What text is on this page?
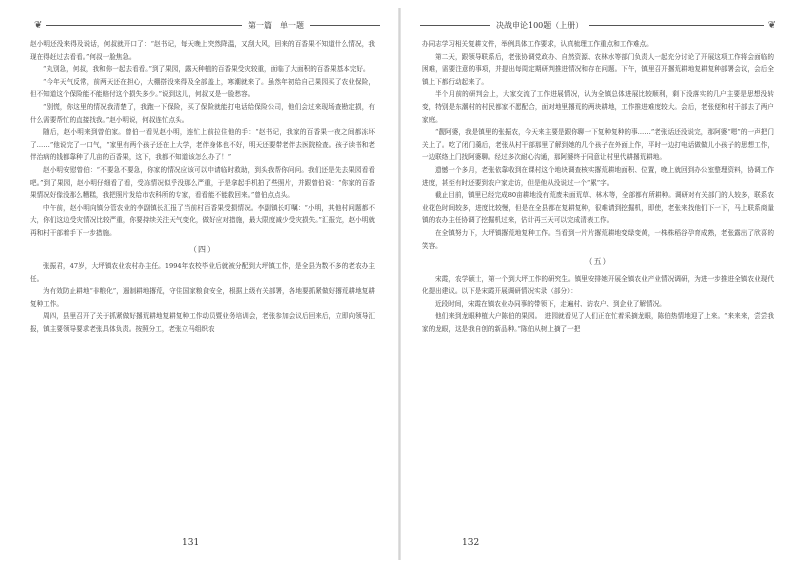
❦	第一篇　单一题

赵小明还没来得及说话，何叔就开口了：“赵书记，每天晚上突然降温，又刮大风，回来的百香果不知道什么情况，我现在得赶过去看看。”何叔一脸焦急。

“丸别急，何叔，我和你一起去看看。”到了果园，露天种植的百香果受灾较重，面临了大面积的百香果基本完好。

“今年天气反常，前两天还在担心，大棚搭没来得及全部盖上，寒潮就来了。虽然年初给自己果园买了农业保险，但不知道这个保险能不能赔付这个损失多少。”说到这儿，何叔又是一脸愁容。

“别慌，你这里的情况我清楚了，我跑一下保险，买了保险就能打电话给保险公司，他们会过来现场查勘定损，有什么需要帮忙的直接找我。”赵小明说，何叔连忙点头。

随后，赵小明来到曾伯家。曾伯一看见赵小明，连忙上前拉住他的手：“赵书记，我家的百香果一夜之间都冻坏了……”他说完了一口气，“家里有两个孩子还在上大学，老伴身体也不好，明天还要带老伴去医院检查。孩子读书和老伴治病的钱都靠种了几亩的百香果，这下，我都不知道该怎么办了！”

赵小明安慰曾伯：“不要急不要急，你家的情况应该可以申请临时救助，到头我帮你问问。我们还是先去果园看看吧。”到了果园，赵小明仔细看了看，受冻情况似乎没那么严重，于是拿起手机拍了些照片，并跟曾伯说：“你家的百香果情况好像没那么糟糕，我把照片发给市农科所的专家，看看能不能救回来。”曾伯点点头。

中午前，赵小明向镇分管农业的李副镇长汇报了当前村百香果受损情况。李副镇长叮嘱：“小明，其他村问题都不大，你们这边受灾情况比较严重，你要持续关注天气变化，做好应对措施，最大限度减少受灾损失。”汇报完，赵小明就再和村干部着手下一步措施。

（四）

张振君，47岁，大坪镇农业农村办主任。1994年农校毕业后就被分配到大坪镇工作，是全县为数不多的老农办主任。

为有效防止耕地“非粮化”，遏制耕地撂荒，守住国家粮食安全，根据上级有关部署，各地要抓紧做好撂荒耕地复耕复种工作。

周四，县里召开了关于抓紧做好撂荒耕地复耕复种工作动员暨业务培训会，老张参加会议后回来后，立即向领导汇报，镇主要领导要求老张具体负责。按照分工，老张立马组织农

131
决战申论100题（上册）	❦

办同志学习相关复耕文件，举例具体工作要求，认真梳理工作重点和工作难点。

第二天，跟领导联系后，老张协调党政办、自然资源、农林水等部门负责人一起充分讨论了开展这项工作将会面临的困难，需要注意的事项，并提出每周定期研判推进情况和存在问题。下午，镇里召开撂荒耕地复耕复种部署会议，会后全镇上下都行动起来了。

半个月前的研判会上，大家交流了工作进展情况，认为全镇总体进展比较顺利，剩下没落实的几户主要是思想没转变，特别是东潮村的村民都家不愿配合，面对地里撂荒的两块耕地，工作推进难度较大。会后，老张便和村干部去了两户家庭。

“靓阿婆，我是镇里的张振农，今天来主要是跟你聊一下复种复种的事……”老张话还没说完，那阿婆“嗯”的一声把门关上了。吃了闭门羹后，老张从村干部那里了解到她的几个孩子在外面上作，平时一边打电话做做儿小孩子的思想工作，一边联络上门找阿婆聊。经过多次耐心沟通，那阿婆终于同意让村里代耕撂荒耕地。

遗憾一个多月，老张依靠收到在课村这个地块调查核实撂荒耕地面积、位置，晚上就回到办公室整理资料，协调工作进度，甚至有时还要到农户家走访，但是他从没说过一个“累”字。

截止目前，镇里已经完成80亩耕地没有荒废未面荒草、林木等，全部都有所耕种。调研对有关部门的人较多，联系农业花色时间较多，进度比较慢，但是在全县都在复耕复种，很难请到挖掘机，即使，老张来找他们下一下，马上联系商量镇的农办主任协调了挖掘机过来，估计再三天可以完成清表工作。

在全镇努力下，大坪镇撂荒地复种工作。当看到一片片撂荒耕地变绿变黄，一株株稻谷孕育成熟，老张露出了欣喜的笑容。

（五）

宋霞，农学硕士，第一个到大坪工作的研究生。镇里安排她开展全镇农业产业情况调研，为进一步推进全镇农业现代化提出建议。以下是宋霞开展调研情况实录（部分）：

近段时间，宋霞在镇农业办同事的带领下，走遍村、访农户、到企业了解情况。

他们来到龙眼种植大户陈伯的果园。　进园就看见了人们正在忙着采摘龙眼，陈伯热情地迎了上来。“来来来，尝尝我家的龙眼，这是我自创的新品种。”陈伯从树上摘了一把

132
